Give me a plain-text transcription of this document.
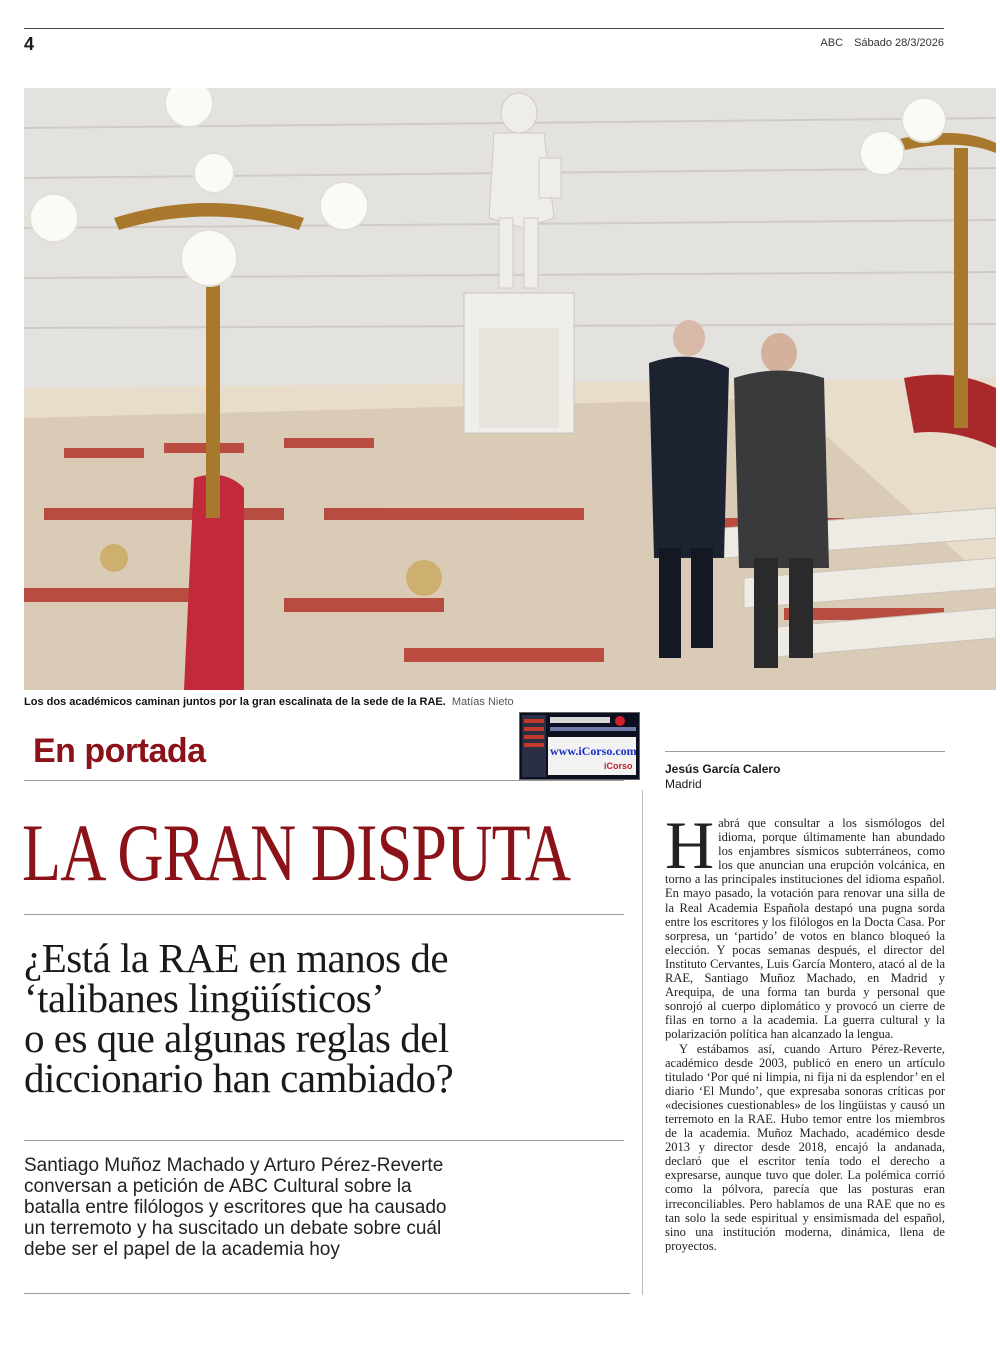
4	ABC Sábado 28/3/2026
Los dos académicos caminan juntos por la gran escalinata de la sede de la RAE. Matías Nieto
www.iCorso.com
iCorso
En portada
LA GRAN DISPUTA
¿Está la RAE en manos de
‘talibanes lingüísticos’
o es que algunas reglas del
diccionario han cambiado?
Santiago Muñoz Machado y Arturo Pérez-Reverte
conversan a petición de ABC Cultural sobre la
batalla entre filólogos y escritores que ha causado
un terremoto y ha suscitado un debate sobre cuál
debe ser el papel de la academia hoy
Jesús García Calero
Madrid

Habrá que consultar a los sismólogos del idioma, porque últimamente han abundado los enjambres sísmicos subterráneos, como los que anuncian una erupción volcánica, en torno a las principales instituciones del idioma español. En mayo pasado, la votación para renovar una silla de la Real Academia Española destapó una pugna sorda entre los escritores y los filólogos en la Docta Casa. Por sorpresa, un ‘partido’ de votos en blanco bloqueó la elección. Y pocas semanas después, el director del Instituto Cervantes, Luis García Montero, atacó al de la RAE, Santiago Muñoz Machado, en Madrid y Arequipa, de una forma tan burda y personal que sonrojó al cuerpo diplomático y provocó un cierre de filas en torno a la academia. La guerra cultural y la polarización política han alcanzado la lengua.

Y estábamos así, cuando Arturo Pérez-Reverte, académico desde 2003, publicó en enero un artículo titulado ‘Por qué ni limpia, ni fija ni da esplendor’ en el diario ‘El Mundo’, que expresaba sonoras críticas por «decisiones cuestionables» de los lingüistas y causó un terremoto en la RAE. Hubo temor entre los miembros de la academia. Muñoz Machado, académico desde 2013 y director desde 2018, encajó la andanada, declaró que el escritor tenía todo el derecho a expresarse, aunque tuvo que doler. La polémica corrió como la pólvora, parecía que las posturas eran irreconciliables. Pero hablamos de una RAE que no es tan solo la sede espiritual y ensimismada del español, sino una institución moderna, dinámica, llena de proyectos.
